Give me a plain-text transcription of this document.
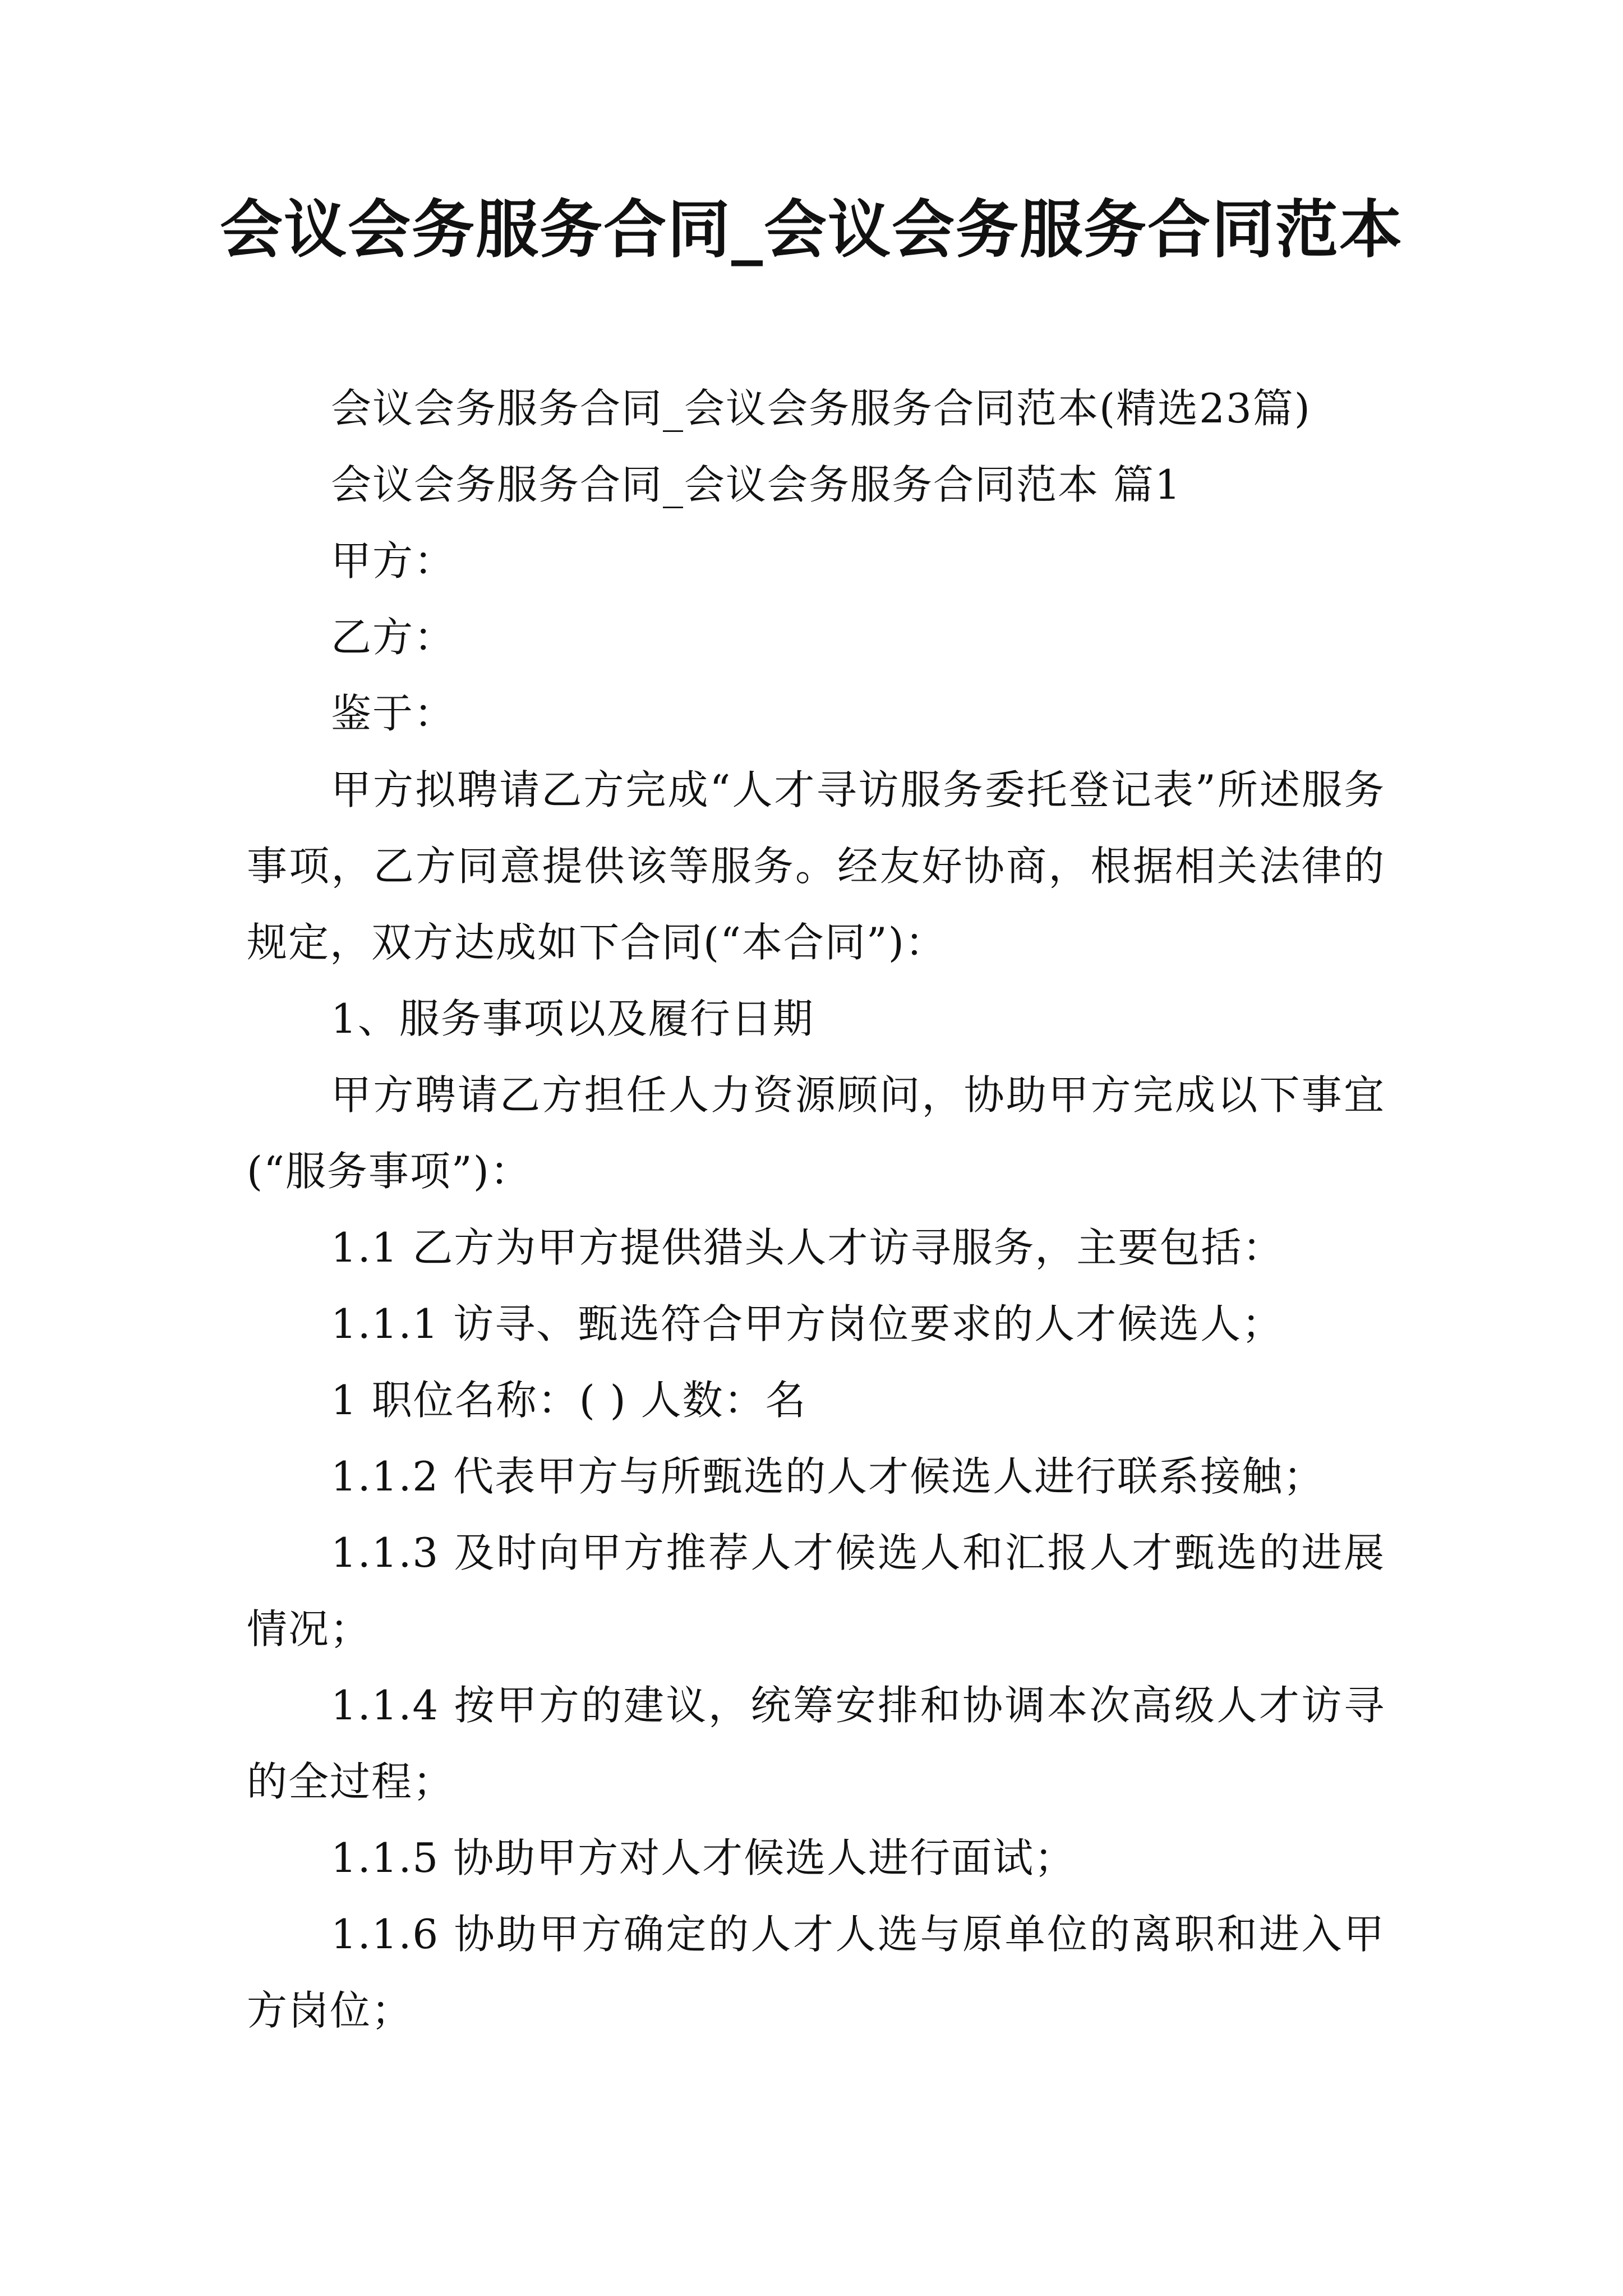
会议会务服务合同_会议会务服务合同范本

会议会务服务合同_会议会务服务合同范本(精选23篇)

会议会务服务合同_会议会务服务合同范本 篇1

甲方：

乙方：

鉴于：

甲方拟聘请乙方完成“人才寻访服务委托登记表”所述服务事项，乙方同意提供该等服务。经友好协商，根据相关法律的规定，双方达成如下合同(“本合同”)：

1、服务事项以及履行日期

甲方聘请乙方担任人力资源顾问，协助甲方完成以下事宜(“服务事项”)：

1.1 乙方为甲方提供猎头人才访寻服务，主要包括：

1.1.1 访寻、甄选符合甲方岗位要求的人才候选人；

1 职位名称：( ) 人数：名

1.1.2 代表甲方与所甄选的人才候选人进行联系接触；

1.1.3 及时向甲方推荐人才候选人和汇报人才甄选的进展情况；

1.1.4 按甲方的建议，统筹安排和协调本次高级人才访寻的全过程；

1.1.5 协助甲方对人才候选人进行面试；

1.1.6 协助甲方确定的人才人选与原单位的离职和进入甲方岗位；
